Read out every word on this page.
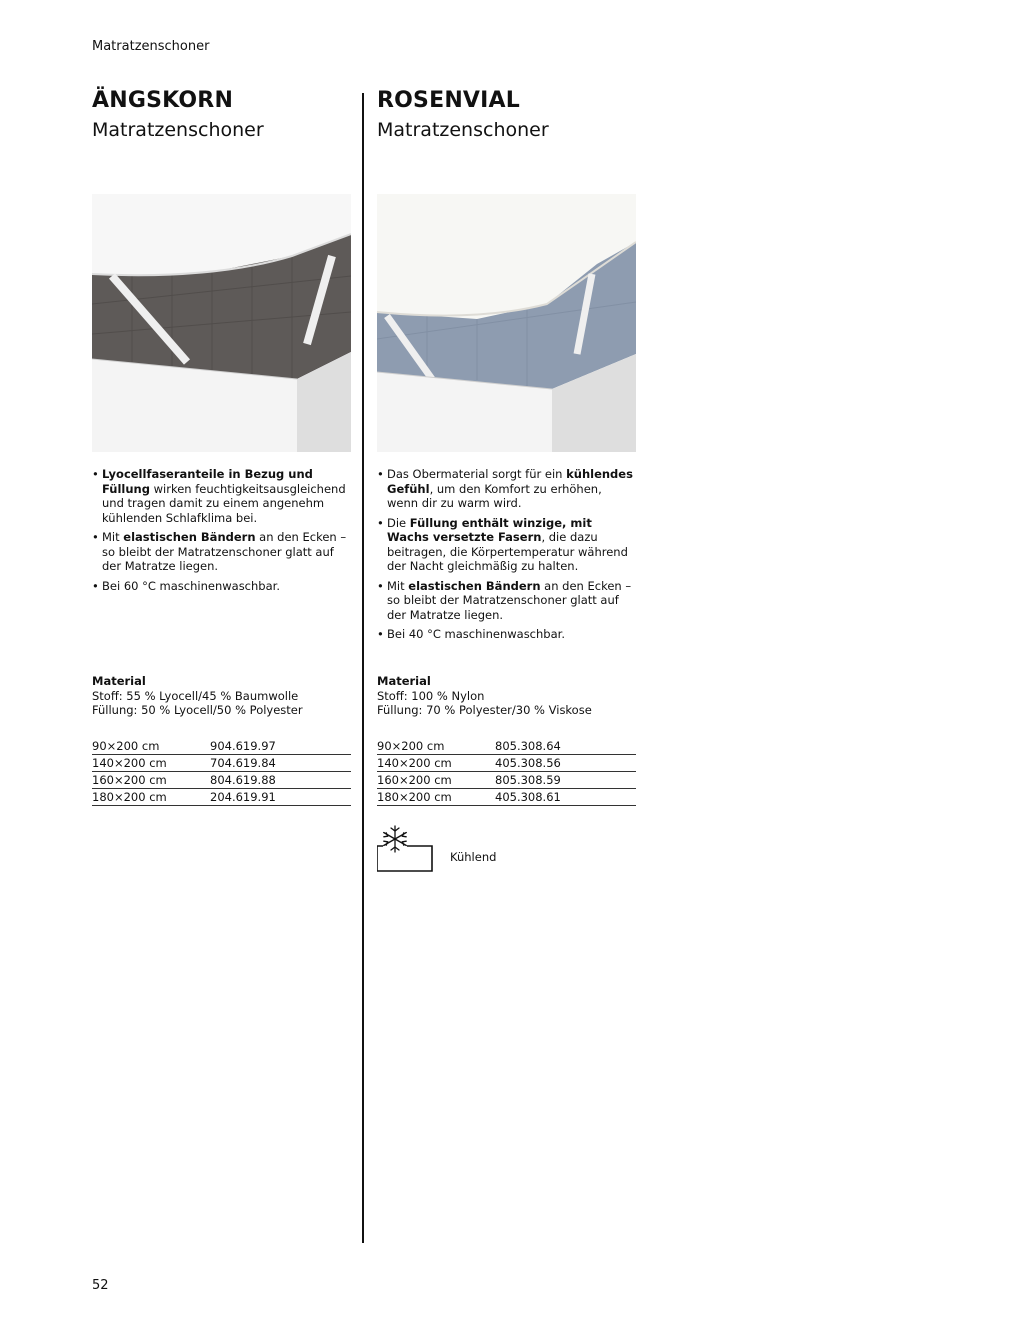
Matratzenschoner
ÄNGSKORN

Matratzenschoner

• Lyocellfaseranteile in Bezug und Füllung wirken feuchtigkeitsausgleichend und tragen damit zu einem angenehm kühlenden Schlafklima bei.
• Mit elastischen Bändern an den Ecken – so bleibt der Matratzenschoner glatt auf der Matratze liegen.
• Bei 60 °C maschinenwaschbar.
Material
Stoff: 55 % Lyocell/45 % Baumwolle
Füllung: 50 % Lyocell/50 % Polyester
90×200 cm	904.619.97
140×200 cm	704.619.84
160×200 cm	804.619.88
180×200 cm	204.619.91
ROSENVIAL

Matratzenschoner

• Das Obermaterial sorgt für ein kühlendes Gefühl, um den Komfort zu erhöhen, wenn dir zu warm wird.
• Die Füllung enthält winzige, mit Wachs versetzte Fasern, die dazu beitragen, die Körpertemperatur während der Nacht gleichmäßig zu halten.
• Mit elastischen Bändern an den Ecken – so bleibt der Matratzenschoner glatt auf der Matratze liegen.
• Bei 40 °C maschinenwaschbar.
Material
Stoff: 100 % Nylon
Füllung: 70 % Polyester/30 % Viskose
90×200 cm	805.308.64
140×200 cm	405.308.56
160×200 cm	805.308.59
180×200 cm	405.308.61
Kühlend
52
